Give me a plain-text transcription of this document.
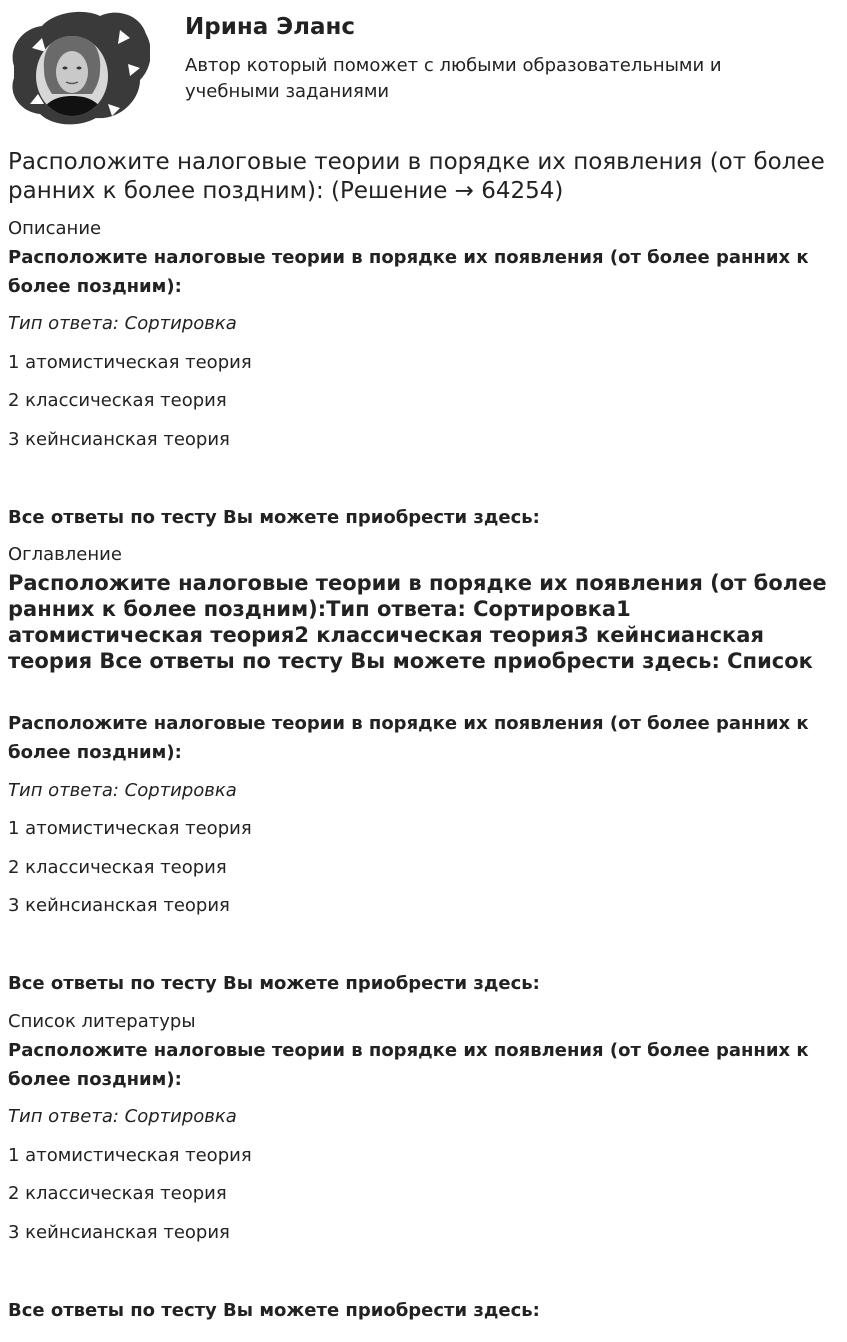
Ирина Эланс
Автор который поможет с любыми образовательными и учебными заданиями
Расположите налоговые теории в порядке их появления (от более ранних к более поздним): (Решение → 64254)
Описание
Расположите налоговые теории в порядке их появления (от более ранних к более поздним):
Тип ответа: Сортировка
1 атомистическая теория
2 классическая теория
3 кейнсианская теория
Все ответы по тесту Вы можете приобрести здесь:
Оглавление
Расположите налоговые теории в порядке их появления (от более ранних к более поздним):Тип ответа: Сортировка1 атомистическая теория2 классическая теория3 кейнсианская теория Все ответы по тесту Вы можете приобрести здесь: Список
Расположите налоговые теории в порядке их появления (от более ранних к более поздним):
Тип ответа: Сортировка
1 атомистическая теория
2 классическая теория
3 кейнсианская теория
Все ответы по тесту Вы можете приобрести здесь:
Список литературы
Расположите налоговые теории в порядке их появления (от более ранних к более поздним):
Тип ответа: Сортировка
1 атомистическая теория
2 классическая теория
3 кейнсианская теория
Все ответы по тесту Вы можете приобрести здесь:
